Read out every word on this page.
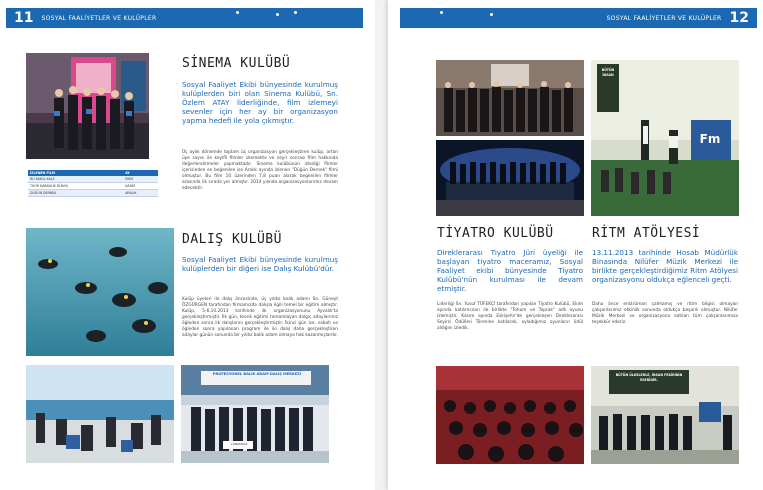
11 SOSYAL FAALİYETLER VE KULÜPLER
SİNEMA KULÜBÜ
Sosyal Faaliyet Ekibi bünyesinde kurulmuş kulüplerden biri olan Sinema Kulübü, Sn. Özlem ATAY liderliğinde, film izlemeyi sevenler için her ay bir organizasyon yapma hedefi ile yola çıkmıştır.
Üç aylık dönemde toplam üç organizasyon gerçekleştiren kulüp, artan üye sayısı ile keyifli filmler izlemekte ve seyir sonrası film hakkında değerlendirmeler yapmaktadır. Sinema kulübünün izlediği filmler içerisinden en beğenilen ise Aralık ayında izlenen "Düğün Dernek" filmi olmuştur. Bu film 10 üzerinden 7,8 puan alarak beğenilen filmler arasında ilk sırada yer almıştır. 2014 yılında organizasyonlarımız devam edecektir.
İZLENEN FİLM	AY
RU YAKOL KALE	EKİM
THOR KARANLIK DÜNYA	KASIM
DÜĞÜN DERNEK	ARALIK
DALIŞ KULÜBÜ
Sosyal Faaliyet Ekibi bünyesinde kurulmuş kulüplerden bir diğeri ise Dalış Kulübü'dür.
Kulüp üyeleri ile dalış öncesinde, üç yıldız balık adamı Sn. Güneyt ÖZGÜRGEN tarafından firmamızda dalışla ilgili temel bir eğitim almıştır. Kulüp, 5-6.10.2013 tarihinde ilk organizasyonunu Ayvalık'ta gerçekleştirmiştir. İlk gün, teorik eğitimi tamamlayan dalgıç adaylarımız öğleden sonra ilk dalışlarını gerçekleştirmiştir. İkinci gün ise, sabah ve öğleden sonra yapılanan program ile iki dalış daha gerçekleştiren adaylar günün sonunda bir yıldız balık adam olmaya hak kazanmışlardır.
PROFESYONEL BALIK ADAM DALIŞ MERKEZİ
CUNAMALE
SOSYAL FAALİYETLER VE KULÜPLER 12
BÜTÜN İNSAN
Fm
TİYATRO KULÜBÜ
Direklerarası Tiyatro Jüri üyeliği ile başlayan tiyatro maceramız, Sosyal Faaliyet ekibi bünyesinde Tiyatro Kulübü'nün kurulması ile devam etmiştir.
Liderliği Sn. Yusuf TÜFEKÇİ tarafından yapılan Tiyatro Kulübü, Ekim ayında katılımcıları ile birlikte "Tohum ve Toprak" adlı oyunu izlemiştir. Kasım ayında Eskişehir'de gerçekleşen Direklerarası Seyirci Ödülleri Törenine katılarak, oyladığımız oyunların ödül aldığını izledik.
RİTM ATÖLYESİ
13.11.2013 tarihinde Hosab Müdürlük Binasında Nilüfer Müzik Merkezi ile birlikte gerçekleştirdiğimiz Ritm Atölyesi organizasyonu oldukça eğlenceli geçti.
Daha önce enstrüman çalmamış ve ritim bilgisi olmayan çalışanlarımız etkinlik sonunda oldukça başarılı olmuştur. Nilüfer Müzik Merkezi ve organizasyona katılan tüm çalışanlarımıza teşekkür ederiz.
BÜTÜN ÜLKELERLE, İNSAN FEKİRİNİN ESERİDİR.
